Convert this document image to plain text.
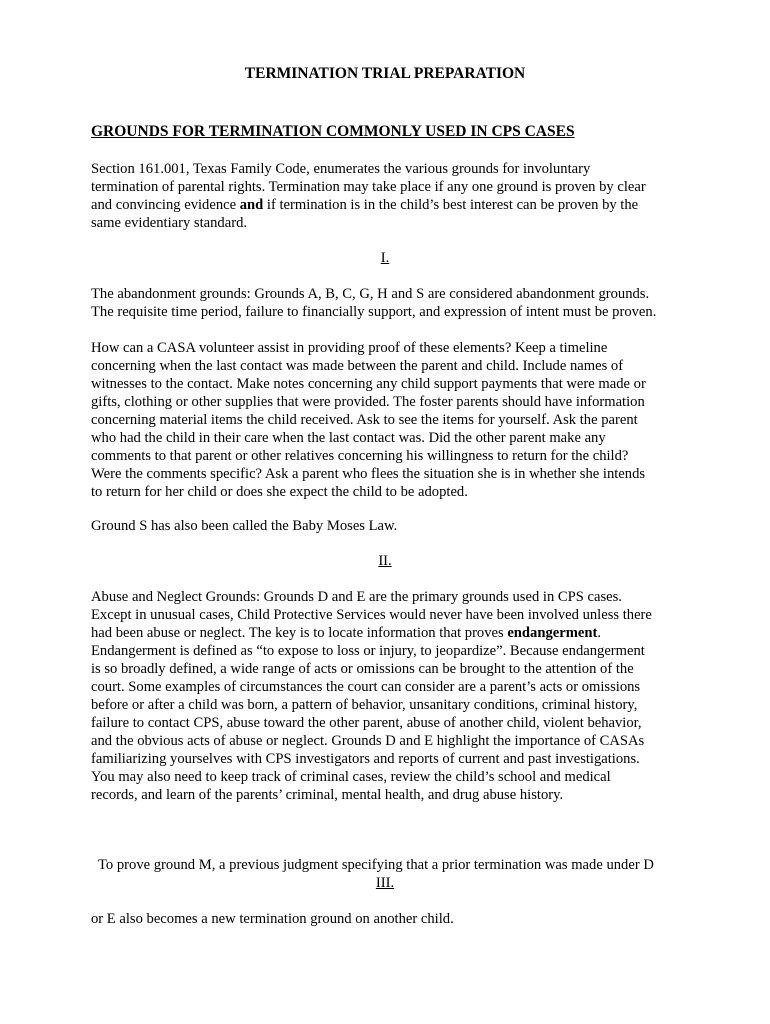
TERMINATION TRIAL PREPARATION
GROUNDS FOR TERMINATION COMMONLY USED IN CPS CASES
Section 161.001, Texas Family Code, enumerates the various grounds for involuntary
termination of parental rights. Termination may take place if any one ground is proven by clear
and convincing evidence and if termination is in the child’s best interest can be proven by the
same evidentiary standard.
I.
The abandonment grounds: Grounds A, B, C, G, H and S are considered abandonment grounds.
The requisite time period, failure to financially support, and expression of intent must be proven.
How can a CASA volunteer assist in providing proof of these elements? Keep a timeline
concerning when the last contact was made between the parent and child. Include names of
witnesses to the contact. Make notes concerning any child support payments that were made or
gifts, clothing or other supplies that were provided. The foster parents should have information
concerning material items the child received. Ask to see the items for yourself. Ask the parent
who had the child in their care when the last contact was. Did the other parent make any
comments to that parent or other relatives concerning his willingness to return for the child?
Were the comments specific? Ask a parent who flees the situation she is in whether she intends
to return for her child or does she expect the child to be adopted.
Ground S has also been called the Baby Moses Law.
II.
Abuse and Neglect Grounds: Grounds D and E are the primary grounds used in CPS cases.
Except in unusual cases, Child Protective Services would never have been involved unless there
had been abuse or neglect. The key is to locate information that proves endangerment.
Endangerment is defined as “to expose to loss or injury, to jeopardize”. Because endangerment
is so broadly defined, a wide range of acts or omissions can be brought to the attention of the
court. Some examples of circumstances the court can consider are a parent’s acts or omissions
before or after a child was born, a pattern of behavior, unsanitary conditions, criminal history,
failure to contact CPS, abuse toward the other parent, abuse of another child, violent behavior,
and the obvious acts of abuse or neglect. Grounds D and E highlight the importance of CASAs
familiarizing yourselves with CPS investigators and reports of current and past investigations.
You may also need to keep track of criminal cases, review the child’s school and medical
records, and learn of the parents’ criminal, mental health, and drug abuse history.

To prove ground M, a previous judgment specifying that a prior termination was made under D

or E also becomes a new termination ground on another child.

III.
